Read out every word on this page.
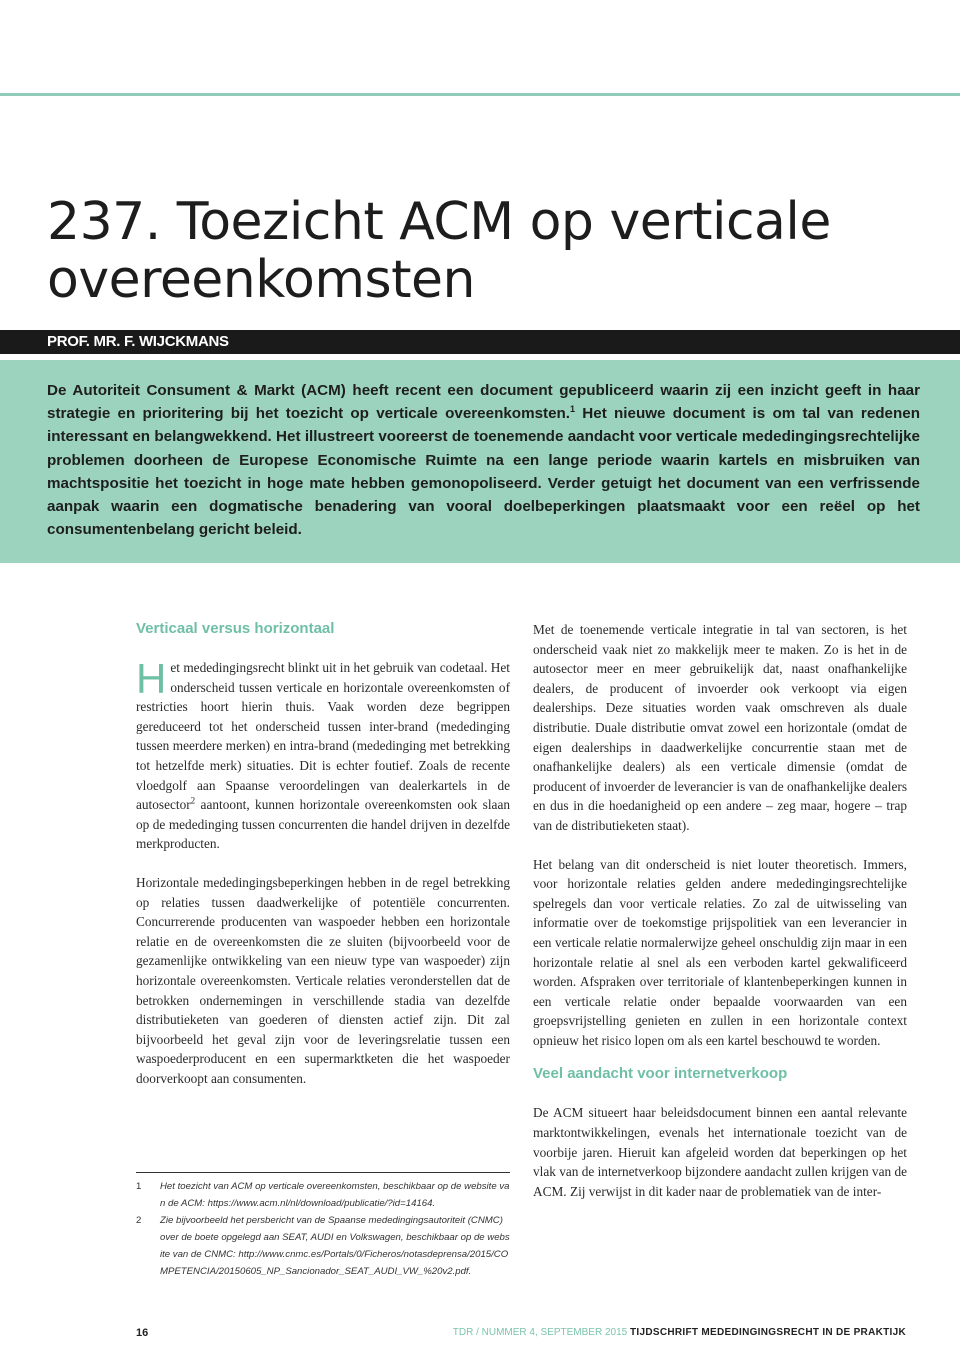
237. Toezicht ACM op verticale overeenkomsten
PROF. MR. F. WIJCKMANS

De Autoriteit Consument & Markt (ACM) heeft recent een document gepubliceerd waarin zij een inzicht geeft in haar strategie en prioritering bij het toezicht op verticale overeenkomsten.$^1$ Het nieuwe document is om tal van redenen interessant en belangwekkend. Het illustreert vooreerst de toenemende aandacht voor verticale mededingingsrechtelijke problemen doorheen de Europese Economische Ruimte na een lange periode waarin kartels en misbruiken van machtspositie het toezicht in hoge mate hebben gemonopoliseerd. Verder getuigt het document van een verfrissende aanpak waarin een dogmatische benadering van vooral doelbeperkingen plaatsmaakt voor een reëel op het consumentenbelang gericht beleid.

Verticaal versus horizontaal

Het mededingingsrecht blinkt uit in het gebruik van codetaal. Het onderscheid tussen verticale en horizontale overeenkomsten of restricties hoort hierin thuis. Vaak worden deze begrippen gereduceerd tot het onderscheid tussen inter-brand (mededinging tussen meerdere merken) en intra-brand (mededinging met betrekking tot hetzelfde merk) situaties. Dit is echter foutief. Zoals de recente vloedgolf aan Spaanse veroordelingen van dealerkartels in de autosector$^2$ aantoont, kunnen horizontale overeenkomsten ook slaan op de mededinging tussen concurrenten die handel drijven in dezelfde merkproducten.

Horizontale mededingingsbeperkingen hebben in de regel betrekking op relaties tussen daadwerkelijke of potentiële concurrenten. Concurrerende producenten van waspoeder hebben een horizontale relatie en de overeenkomsten die ze sluiten (bijvoorbeeld voor de gezamenlijke ontwikkeling van een nieuw type van waspoeder) zijn horizontale overeenkomsten. Verticale relaties veronderstellen dat de betrokken ondernemingen in verschillende stadia van dezelfde distributieketen van goederen of diensten actief zijn. Dit zal bijvoorbeeld het geval zijn voor de leveringsrelatie tussen een waspoederproducent en een supermarktketen die het waspoeder doorverkoopt aan consumenten.

Met de toenemende verticale integratie in tal van sectoren, is het onderscheid vaak niet zo makkelijk meer te maken. Zo is het in de autosector meer en meer gebruikelijk dat, naast onafhankelijke dealers, de producent of invoerder ook verkoopt via eigen dealerships. Deze situaties worden vaak omschreven als duale distributie. Duale distributie omvat zowel een horizontale (omdat de eigen dealerships in daadwerkelijke concurrentie staan met de onafhankelijke dealers) als een verticale dimensie (omdat de producent of invoerder de leverancier is van de onafhankelijke dealers en dus in die hoedanigheid op een andere – zeg maar, hogere – trap van de distributieketen staat).

Het belang van dit onderscheid is niet louter theoretisch. Immers, voor horizontale relaties gelden andere mededingingsrechtelijke spelregels dan voor verticale relaties. Zo zal de uitwisseling van informatie over de toekomstige prijspolitiek van een leverancier in een verticale relatie normalerwijze geheel onschuldig zijn maar in een horizontale relatie al snel als een verboden kartel gekwalificeerd worden. Afspraken over territoriale of klantenbeperkingen kunnen in een verticale relatie onder bepaalde voorwaarden van een groepsvrijstelling genieten en zullen in een horizontale context opnieuw het risico lopen om als een kartel beschouwd te worden.

Veel aandacht voor internetverkoop

De ACM situeert haar beleidsdocument binnen een aantal relevante marktontwikkelingen, evenals het internationale toezicht van de voorbije jaren. Hieruit kan afgeleid worden dat beperkingen op het vlak van de internetverkoop bijzondere aandacht zullen krijgen van de ACM. Zij verwijst in dit kader naar de problematiek van de inter-

1	Het toezicht van ACM op verticale overeenkomsten, beschikbaar op de website van de ACM: https://www.acm.nl/nl/download/publicatie/?id=14164.
2	Zie bijvoorbeeld het persbericht van de Spaanse mededingingsautoriteit (CNMC) over de boete opgelegd aan SEAT, AUDI en Volkswagen, beschikbaar op de website van de CNMC: http://www.cnmc.es/Portals/0/Ficheros/notasdeprensa/2015/COMPETENCIA/20150605_NP_Sancionador_SEAT_AUDI_VW_%20v2.pdf.
16	TDR / NUMMER 4, SEPTEMBER 2015 TIJDSCHRIFT MEDEDINGINGSRECHT IN DE PRAKTIJK
